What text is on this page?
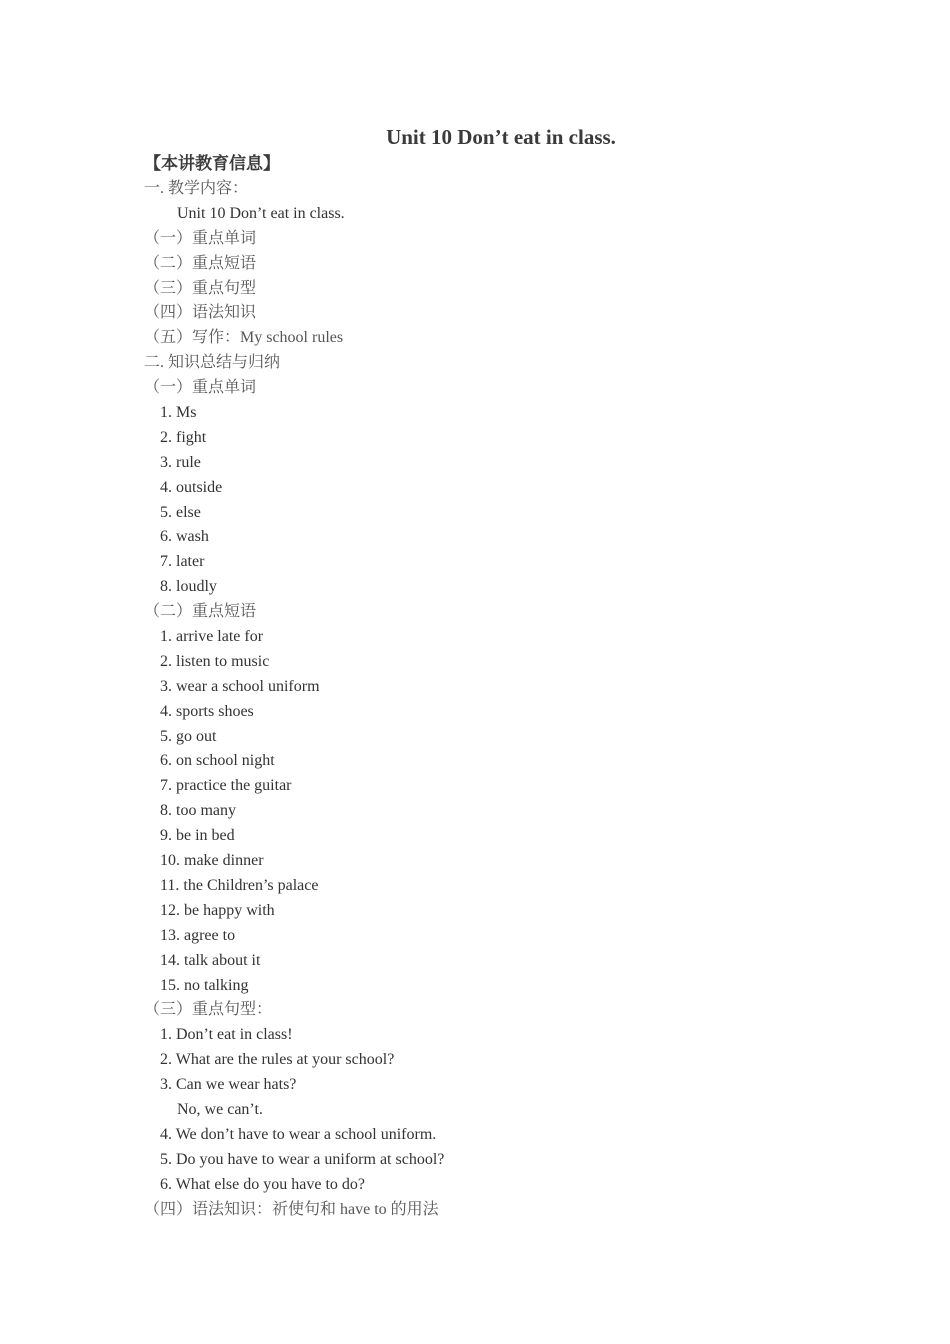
Unit 10 Don’t eat in class.
【本讲教育信息】
一. 教学内容：
Unit 10 Don’t eat in class.
（一）重点单词
（二）重点短语
（三）重点句型
（四）语法知识
（五）写作：My school rules
二. 知识总结与归纳
（一）重点单词
1. Ms
2. fight
3. rule
4. outside
5. else
6. wash
7. later
8. loudly
（二）重点短语
1. arrive late for
2. listen to music
3. wear a school uniform
4. sports shoes
5. go out
6. on school night
7. practice the guitar
8. too many
9. be in bed
10. make dinner
11. the Children’s palace
12. be happy with
13. agree to
14. talk about it
15. no talking
（三）重点句型：
1. Don’t eat in class!
2. What are the rules at your school?
3. Can we wear hats?
No, we can’t.
4. We don’t have to wear a school uniform.
5. Do you have to wear a uniform at school?
6. What else do you have to do?
（四）语法知识：祈使句和 have to 的用法
